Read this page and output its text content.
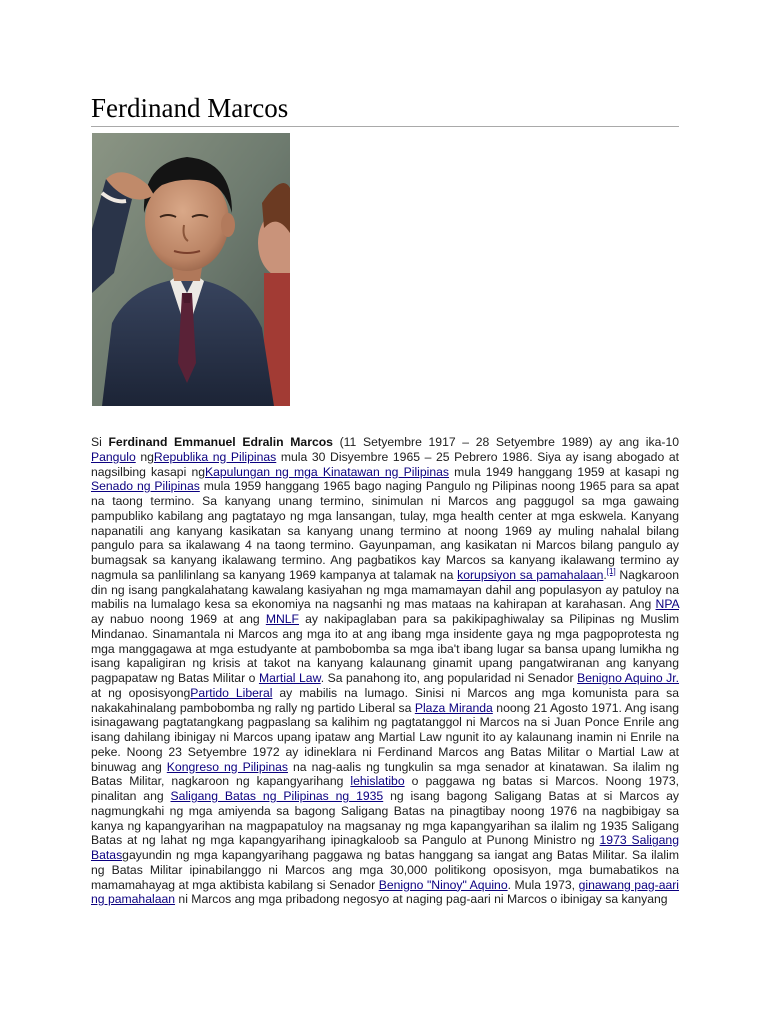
Ferdinand Marcos

Si Ferdinand Emmanuel Edralin Marcos (11 Setyembre 1917 – 28 Setyembre 1989) ay ang ika-10 Pangulo ngRepublika ng Pilipinas mula 30 Disyembre 1965 – 25 Pebrero 1986. Siya ay isang abogado at nagsilbing kasapi ngKapulungan ng mga Kinatawan ng Pilipinas mula 1949 hanggang 1959 at kasapi ng Senado ng Pilipinas mula 1959 hanggang 1965 bago naging Pangulo ng Pilipinas noong 1965 para sa apat na taong termino. Sa kanyang unang termino, sinimulan ni Marcos ang paggugol sa mga gawaing pampubliko kabilang ang pagtatayo ng mga lansangan, tulay, mga health center at mga eskwela. Kanyang napanatili ang kanyang kasikatan sa kanyang unang termino at noong 1969 ay muling nahalal bilang pangulo para sa ikalawang 4 na taong termino. Gayunpaman, ang kasikatan ni Marcos bilang pangulo ay bumagsak sa kanyang ikalawang termino. Ang pagbatikos kay Marcos sa kanyang ikalawang termino ay nagmula sa panlilinlang sa kanyang 1969 kampanya at talamak na korupsiyon sa pamahalaan.[1] Nagkaroon din ng isang pangkalahatang kawalang kasiyahan ng mga mamamayan dahil ang populasyon ay patuloy na mabilis na lumalago kesa sa ekonomiya na nagsanhi ng mas mataas na kahirapan at karahasan. Ang NPA ay nabuo noong 1969 at ang MNLF ay nakipaglaban para sa pakikipaghiwalay sa Pilipinas ng Muslim Mindanao. Sinamantala ni Marcos ang mga ito at ang ibang mga insidente gaya ng mga pagpoprotesta ng mga manggagawa at mga estudyante at pambobomba sa mga iba't ibang lugar sa bansa upang lumikha ng isang kapaligiran ng krisis at takot na kanyang kalaunang ginamit upang pangatwiranan ang kanyang pagpapataw ng Batas Militar o Martial Law. Sa panahong ito, ang popularidad ni Senador Benigno Aquino Jr. at ng oposisyongPartido Liberal ay mabilis na lumago. Sinisi ni Marcos ang mga komunista para sa nakakahinalang pambobomba ng rally ng partido Liberal sa Plaza Miranda noong 21 Agosto 1971. Ang isang isinagawang pagtatangkang pagpaslang sa kalihim ng pagtatanggol ni Marcos na si Juan Ponce Enrile ang isang dahilang ibinigay ni Marcos upang ipataw ang Martial Law ngunit ito ay kalaunang inamin ni Enrile na peke. Noong 23 Setyembre 1972 ay idineklara ni Ferdinand Marcos ang Batas Militar o Martial Law at binuwag ang Kongreso ng Pilipinas na nag-aalis ng tungkulin sa mga senador at kinatawan. Sa ilalim ng Batas Militar, nagkaroon ng kapangyarihang lehislatibo o paggawa ng batas si Marcos. Noong 1973, pinalitan ang Saligang Batas ng Pilipinas ng 1935 ng isang bagong Saligang Batas at si Marcos ay nagmungkahi ng mga amiyenda sa bagong Saligang Batas na pinagtibay noong 1976 na nagbibigay sa kanya ng kapangyarihan na magpapatuloy na magsanay ng mga kapangyarihan sa ilalim ng 1935 Saligang Batas at ng lahat ng mga kapangyarihang ipinagkaloob sa Pangulo at Punong Ministro ng 1973 Saligang Batasgayundin ng mga kapangyarihang paggawa ng batas hanggang sa iangat ang Batas Militar. Sa ilalim ng Batas Militar ipinabilanggo ni Marcos ang mga 30,000 politikong oposisyon, mga bumabatikos na mamamahayag at mga aktibista kabilang si Senador Benigno "Ninoy" Aquino. Mula 1973, ginawang pag-aari ng pamahalaan ni Marcos ang mga pribadong negosyo at naging pag-aari ni Marcos o ibinigay sa kanyang
